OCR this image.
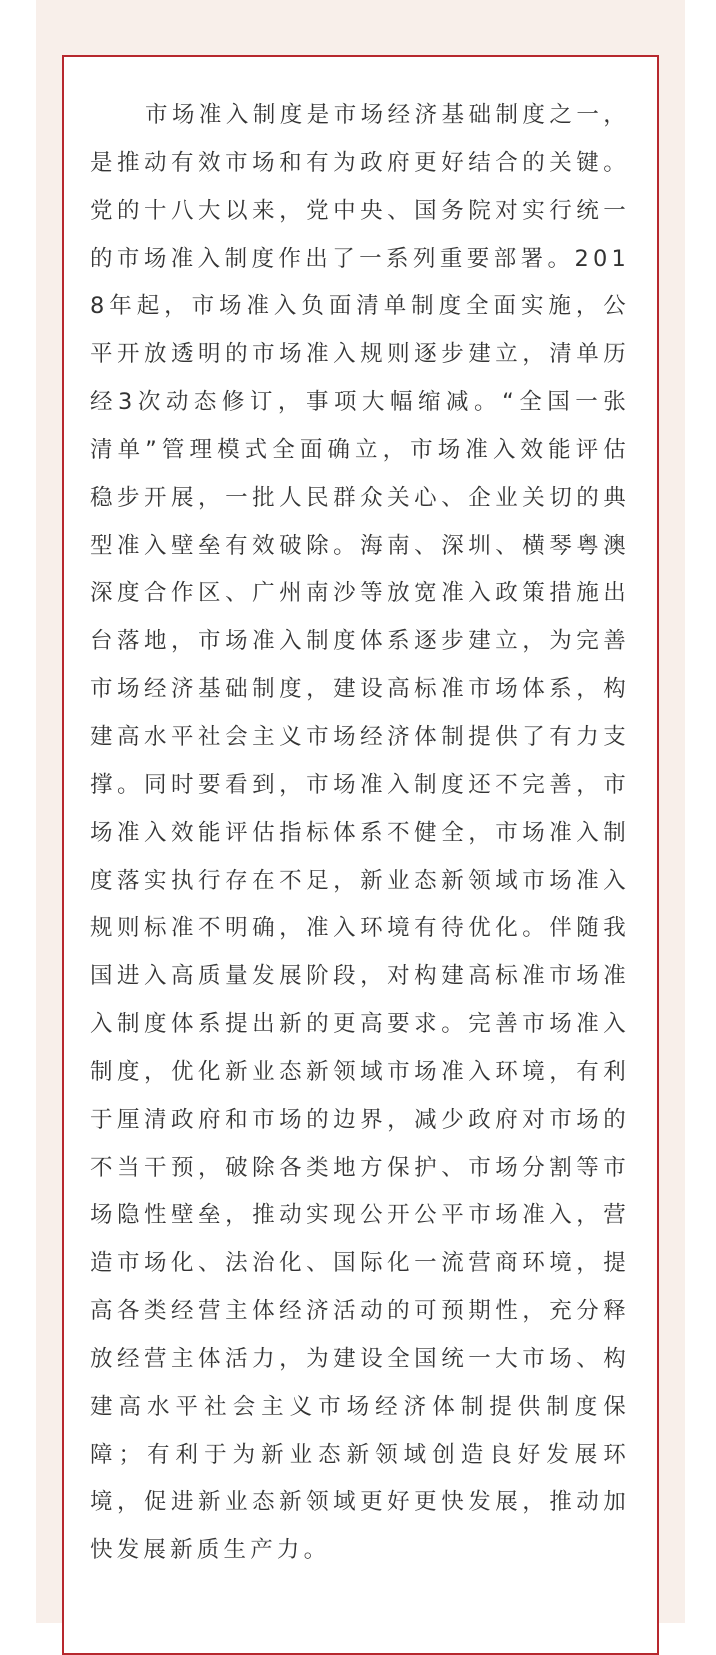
市场准入制度是市场经济基础制度之一，是推动有效市场和有为政府更好结合的关键。党的十八大以来，党中央、国务院对实行统一的市场准入制度作出了一系列重要部署。2018年起，市场准入负面清单制度全面实施，公平开放透明的市场准入规则逐步建立，清单历经3次动态修订，事项大幅缩减。“全国一张清单”管理模式全面确立，市场准入效能评估稳步开展，一批人民群众关心、企业关切的典型准入壁垒有效破除。海南、深圳、横琴粤澳深度合作区、广州南沙等放宽准入政策措施出台落地，市场准入制度体系逐步建立，为完善市场经济基础制度，建设高标准市场体系，构建高水平社会主义市场经济体制提供了有力支撑。同时要看到，市场准入制度还不完善，市场准入效能评估指标体系不健全，市场准入制度落实执行存在不足，新业态新领域市场准入规则标准不明确，准入环境有待优化。伴随我国进入高质量发展阶段，对构建高标准市场准入制度体系提出新的更高要求。完善市场准入制度，优化新业态新领域市场准入环境，有利于厘清政府和市场的边界，减少政府对市场的不当干预，破除各类地方保护、市场分割等市场隐性壁垒，推动实现公开公平市场准入，营造市场化、法治化、国际化一流营商环境，提高各类经营主体经济活动的可预期性，充分释放经营主体活力，为建设全国统一大市场、构建高水平社会主义市场经济体制提供制度保障；有利于为新业态新领域创造良好发展环境，促进新业态新领域更好更快发展，推动加快发展新质生产力。
